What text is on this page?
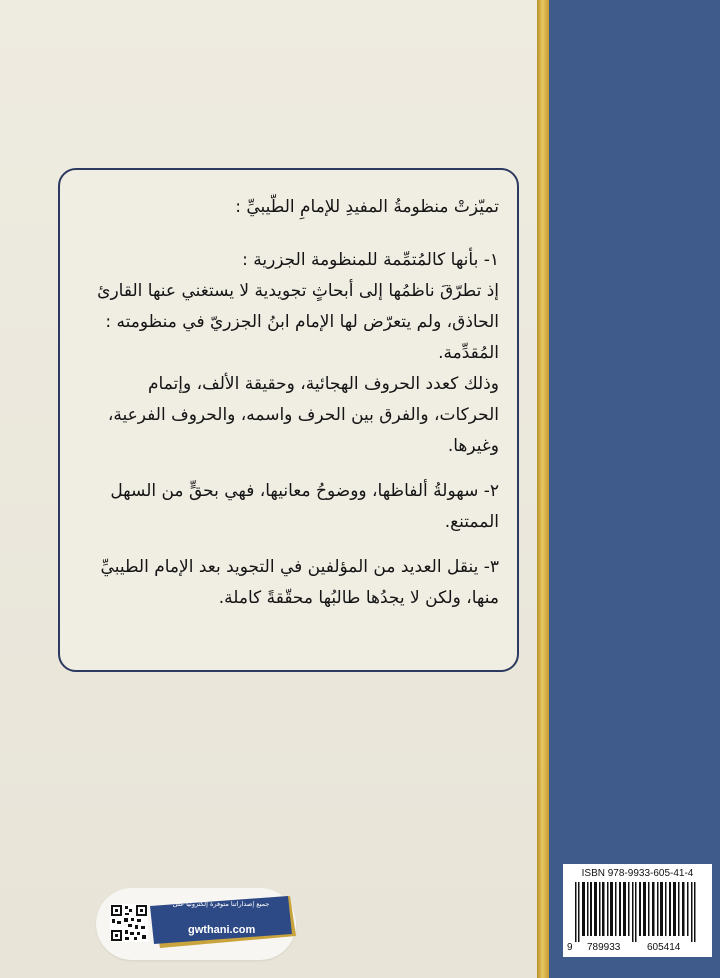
تميّزتْ منظومةُ المفيدِ للإمامِ الطّيبيِّ :

١- بأنها كالمُتمِّمة للمنظومة الجزرية :
إذ تطرّقَ ناظمُها إلى أبحاثٍ تجويدية لا يستغني عنها القارئ الحاذق، ولم يتعرّض لها الإمام ابنُ الجزريّ في منظومته : المُقدِّمة.
وذلك كعدد الحروف الهجائية، وحقيقة الألف، وإتمام الحركات، والفرق بين الحرف واسمه، والحروف الفرعية، وغيرها.

٢- سهولةُ ألفاظها، ووضوحُ معانيها، فهي بحقٍّ من السهل الممتنع.

٣- ينقل العديد من المؤلفين في التجويد بعد الإمام الطيبيِّ منها، ولكن لا يجدُها طالبُها محقّقةً كاملة.

ISBN 978-9933-605-41-4
9 789933	605414
جميع إصداراتنا متوفرة إلكترونيا على
gwthani.com
